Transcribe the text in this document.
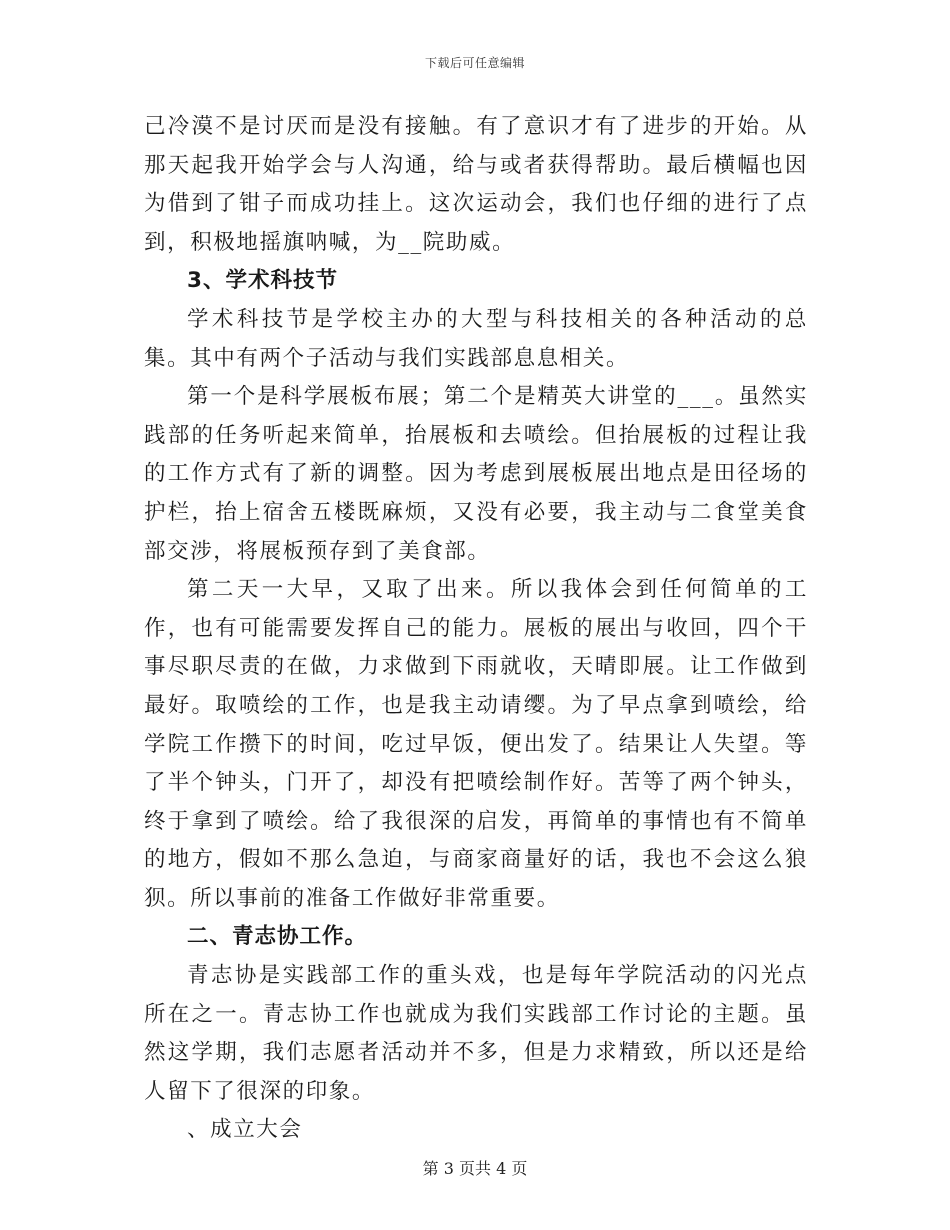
下载后可任意编辑

己冷漠不是讨厌而是没有接触。有了意识才有了进步的开始。从那天起我开始学会与人沟通，给与或者获得帮助。最后横幅也因为借到了钳子而成功挂上。这次运动会，我们也仔细的进行了点到，积极地摇旗呐喊，为__院助威。

3、学术科技节

学术科技节是学校主办的大型与科技相关的各种活动的总集。其中有两个子活动与我们实践部息息相关。

第一个是科学展板布展；第二个是精英大讲堂的___。虽然实践部的任务听起来简单，抬展板和去喷绘。但抬展板的过程让我的工作方式有了新的调整。因为考虑到展板展出地点是田径场的护栏，抬上宿舍五楼既麻烦，又没有必要，我主动与二食堂美食部交涉，将展板预存到了美食部。

第二天一大早，又取了出来。所以我体会到任何简单的工作，也有可能需要发挥自己的能力。展板的展出与收回，四个干事尽职尽责的在做，力求做到下雨就收，天晴即展。让工作做到最好。取喷绘的工作，也是我主动请缨。为了早点拿到喷绘，给学院工作攒下的时间，吃过早饭，便出发了。结果让人失望。等了半个钟头，门开了，却没有把喷绘制作好。苦等了两个钟头，终于拿到了喷绘。给了我很深的启发，再简单的事情也有不简单的地方，假如不那么急迫，与商家商量好的话，我也不会这么狼狈。所以事前的准备工作做好非常重要。

二、青志协工作。

青志协是实践部工作的重头戏，也是每年学院活动的闪光点所在之一。青志协工作也就成为我们实践部工作讨论的主题。虽然这学期，我们志愿者活动并不多，但是力求精致，所以还是给人留下了很深的印象。

、成立大会

第 3 页共 4 页
